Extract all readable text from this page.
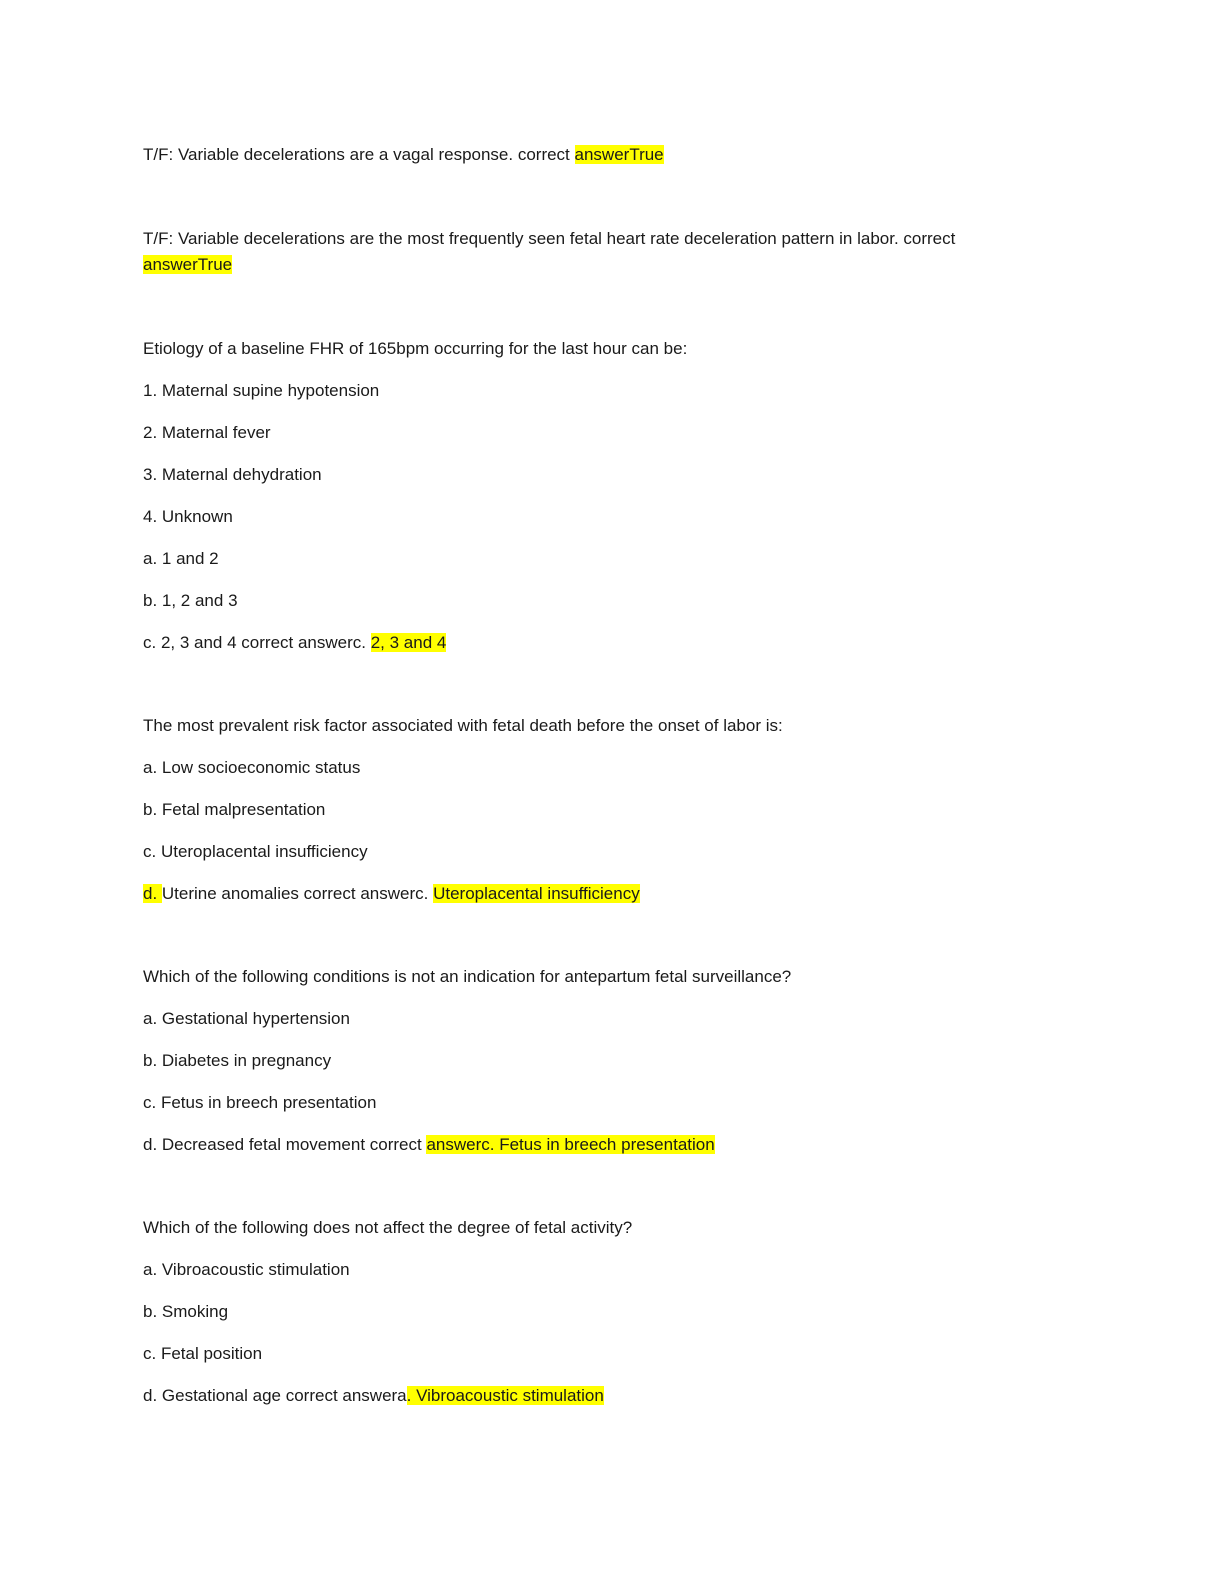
T/F: Variable decelerations are a vagal response. correct answerTrue
T/F: Variable decelerations are the most frequently seen fetal heart rate deceleration pattern in labor. correct
answerTrue
Etiology of a baseline FHR of 165bpm occurring for the last hour can be:
1. Maternal supine hypotension
2. Maternal fever
3. Maternal dehydration
4. Unknown
a. 1 and 2
b. 1, 2 and 3
c. 2, 3 and 4 correct answerc. 2, 3 and 4
The most prevalent risk factor associated with fetal death before the onset of labor is:
a. Low socioeconomic status
b. Fetal malpresentation
c. Uteroplacental insufficiency
d. Uterine anomalies correct answerc. Uteroplacental insufficiency
Which of the following conditions is not an indication for antepartum fetal surveillance?
a. Gestational hypertension
b. Diabetes in pregnancy
c. Fetus in breech presentation
d. Decreased fetal movement correct answerc. Fetus in breech presentation
Which of the following does not affect the degree of fetal activity?
a. Vibroacoustic stimulation
b. Smoking
c. Fetal position
d. Gestational age correct answera. Vibroacoustic stimulation
